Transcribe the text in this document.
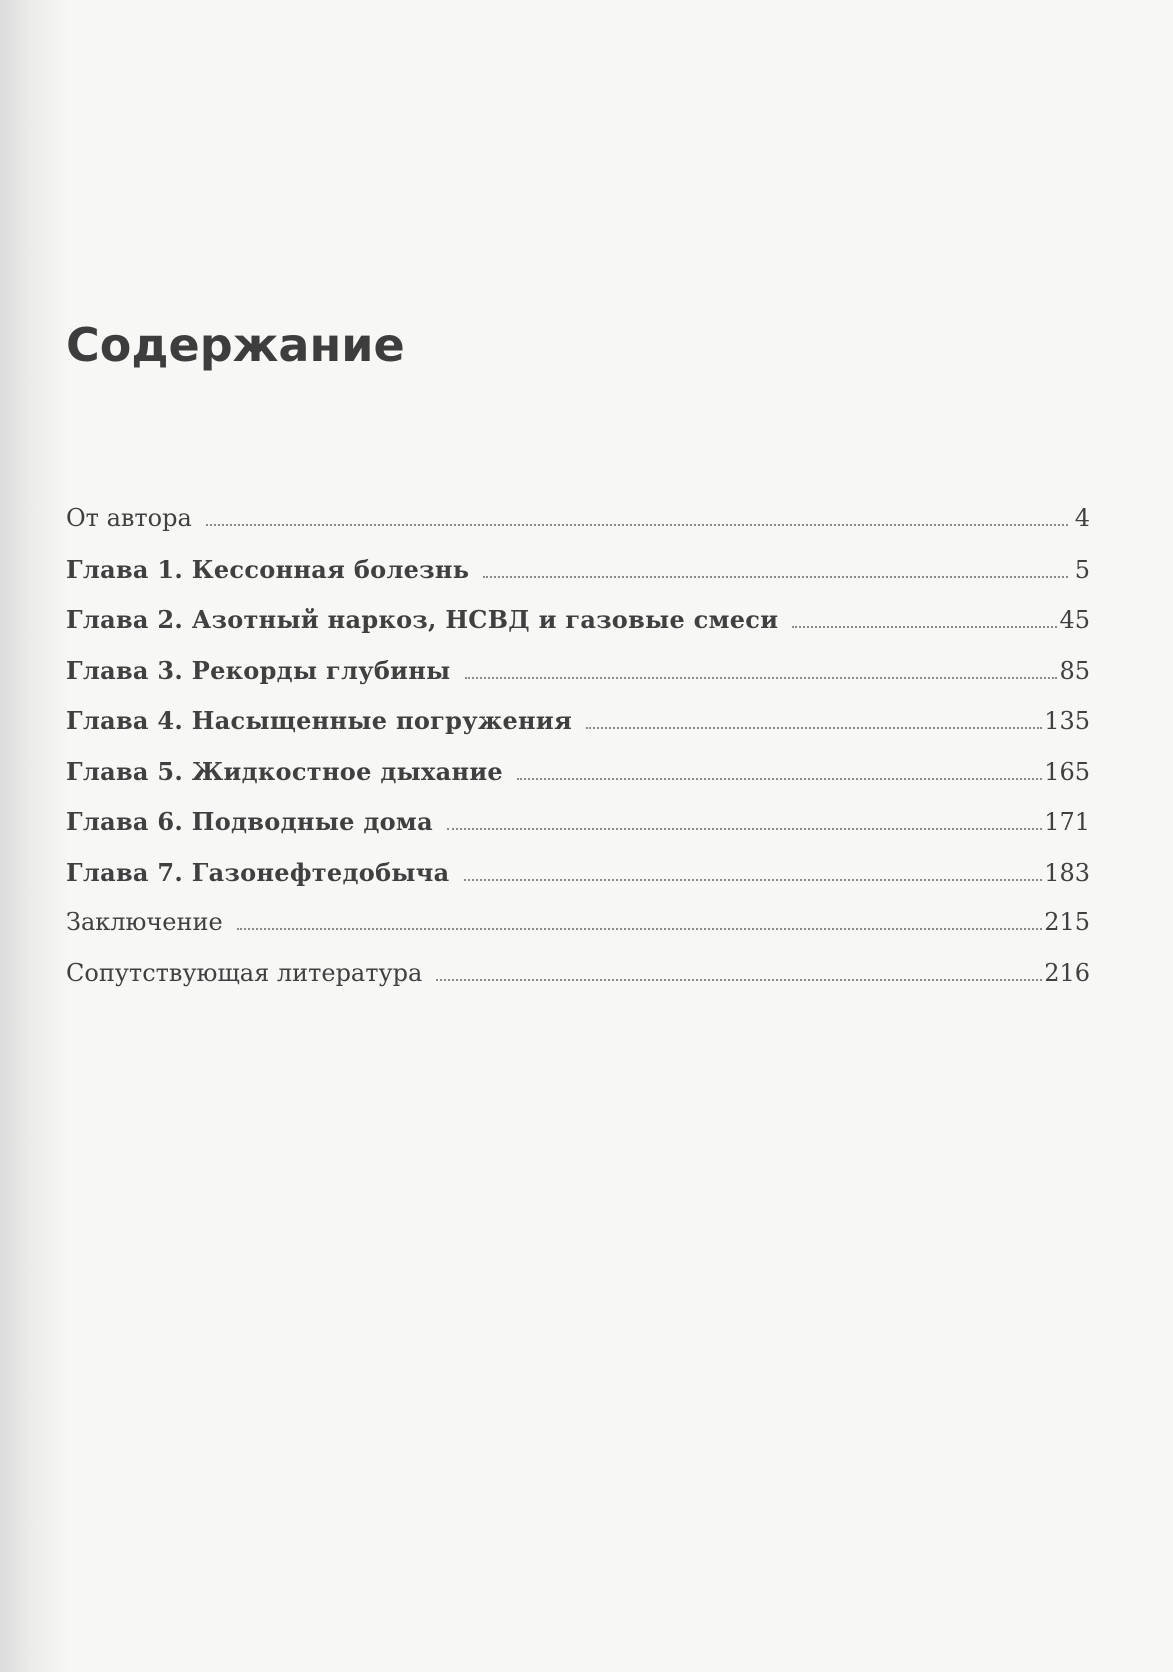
Содержание
От автора	4
Глава 1. Кессонная болезнь	5
Глава 2. Азотный наркоз, НСВД и газовые смеси	45
Глава 3. Рекорды глубины	85
Глава 4. Насыщенные погружения	135
Глава 5. Жидкостное дыхание	165
Глава 6. Подводные дома	171
Глава 7. Газонефтедобыча	183
Заключение	215
Сопутствующая литература	216
